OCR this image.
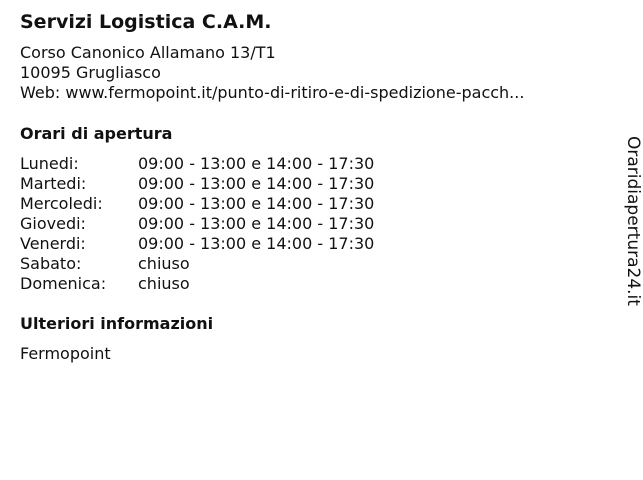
Servizi Logistica C.A.M.
Corso Canonico Allamano 13/T1
10095 Grugliasco
Web: www.fermopoint.it/punto-di-ritiro-e-di-spedizione-pacch...
Orari di apertura
Lunedi:	09:00 - 13:00 e 14:00 - 17:30
Martedi:	09:00 - 13:00 e 14:00 - 17:30
Mercoledi:	09:00 - 13:00 e 14:00 - 17:30
Giovedi:	09:00 - 13:00 e 14:00 - 17:30
Venerdi:	09:00 - 13:00 e 14:00 - 17:30
Sabato:	chiuso
Domenica:	chiuso
Ulteriori informazioni
Fermopoint
Oraridiapertura24.it
